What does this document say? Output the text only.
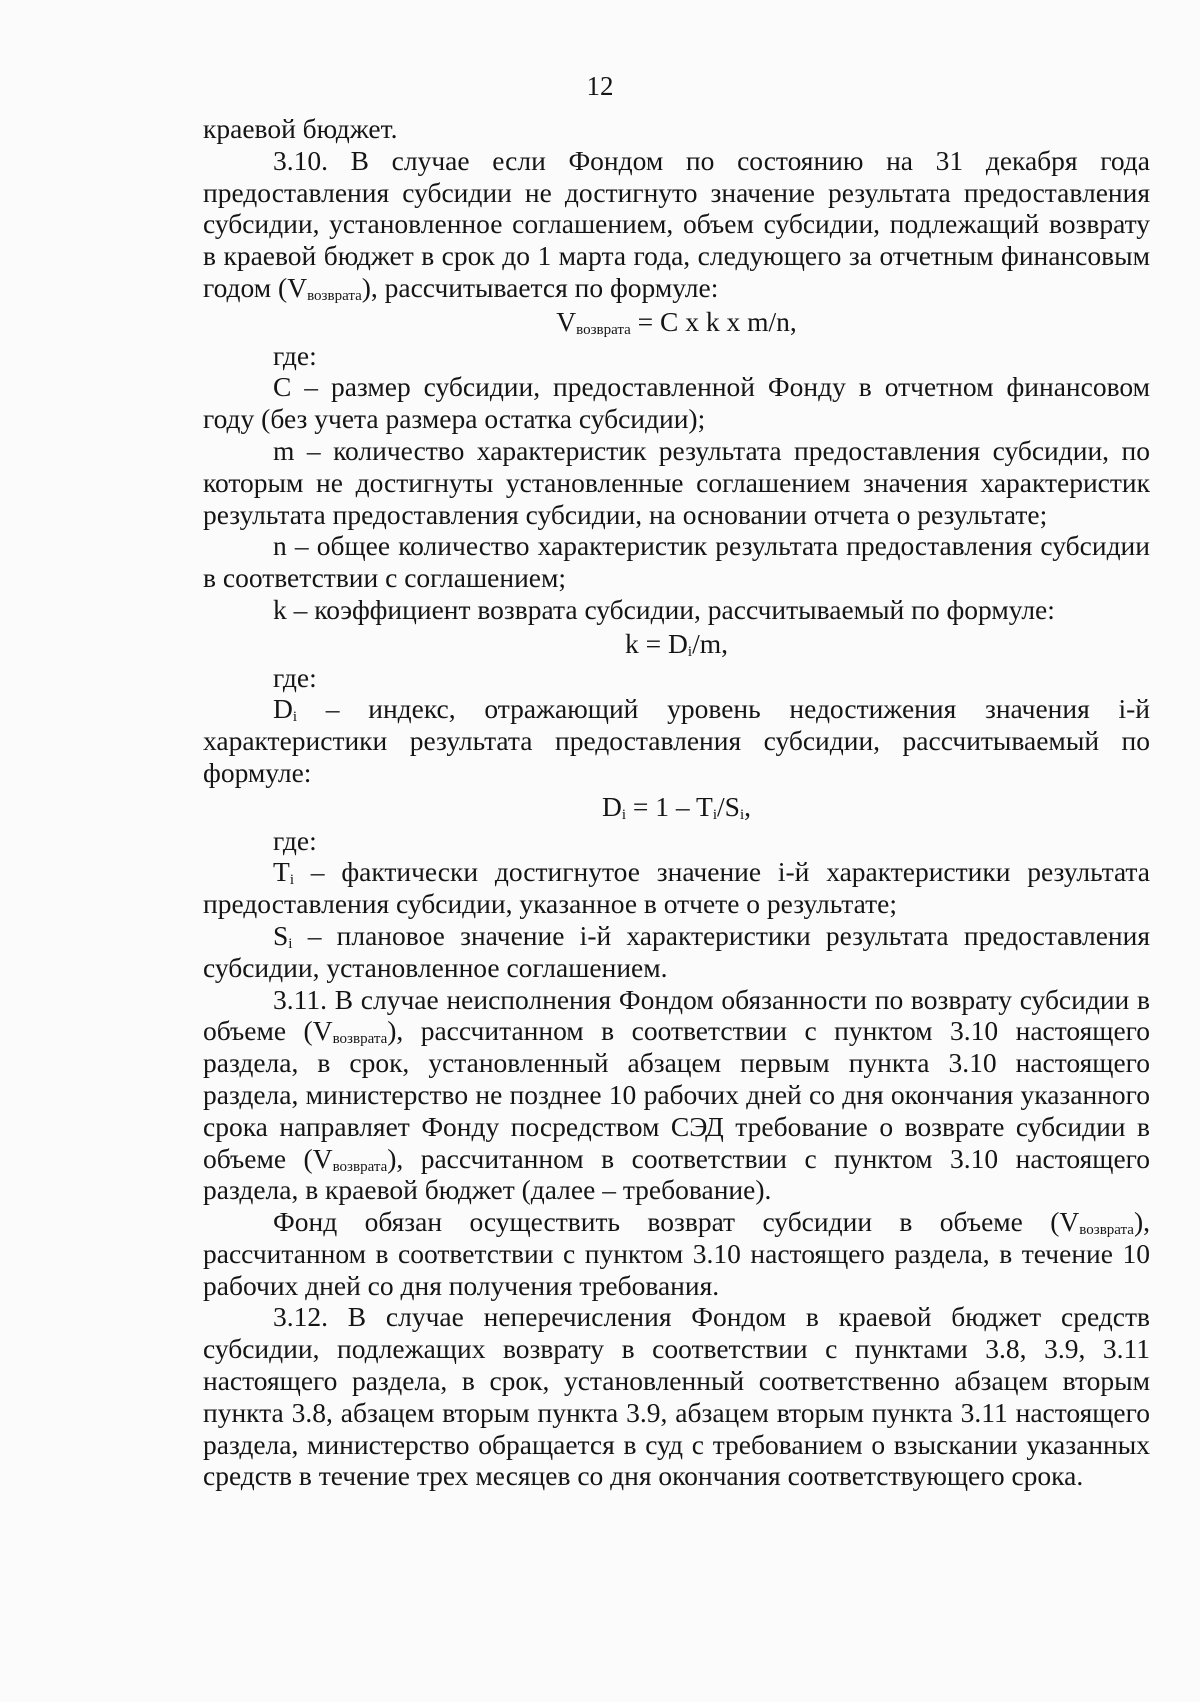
12

краевой бюджет.

3.10. В случае если Фондом по состоянию на 31 декабря года предоставления субсидии не достигнуто значение результата предоставления субсидии, установленное соглашением, объем субсидии, подлежащий возврату в краевой бюджет в срок до 1 марта года, следующего за отчетным финансовым годом $(V_{возврата})$, рассчитывается по формуле:

$V_{возврата} = C$ x k x m/n,

где:

C – размер субсидии, предоставленной Фонду в отчетном финансовом году (без учета размера остатка субсидии);

m – количество характеристик результата предоставления субсидии, по которым не достигнуты установленные соглашением значения характеристик результата предоставления субсидии, на основании отчета о результате;

n – общее количество характеристик результата предоставления субсидии в соответствии с соглашением;

k – коэффициент возврата субсидии, рассчитываемый по формуле:

$k = D_i/m$,

где:

$D_i$ – индекс, отражающий уровень недостижения значения i-й характеристики результата предоставления субсидии, рассчитываемый по формуле:

$D_i = 1 - T_i/S_i$,

где:

$T_i$ – фактически достигнутое значение i-й характеристики результата предоставления субсидии, указанное в отчете о результате;

$S_i$ – плановое значение i-й характеристики результата предоставления субсидии, установленное соглашением.

3.11. В случае неисполнения Фондом обязанности по возврату субсидии в объеме $(V_{возврата})$, рассчитанном в соответствии с пунктом 3.10 настоящего раздела, в срок, установленный абзацем первым пункта 3.10 настоящего раздела, министерство не позднее 10 рабочих дней со дня окончания указанного срока направляет Фонду посредством СЭД требование о возврате субсидии в объеме $(V_{возврата})$, рассчитанном в соответствии с пунктом 3.10 настоящего раздела, в краевой бюджет (далее – требование).

Фонд обязан осуществить возврат субсидии в объеме $(V_{возврата})$, рассчитанном в соответствии с пунктом 3.10 настоящего раздела, в течение 10 рабочих дней со дня получения требования.

3.12. В случае неперечисления Фондом в краевой бюджет средств субсидии, подлежащих возврату в соответствии с пунктами 3.8, 3.9, 3.11 настоящего раздела, в срок, установленный соответственно абзацем вторым пункта 3.8, абзацем вторым пункта 3.9, абзацем вторым пункта 3.11 настоящего раздела, министерство обращается в суд с требованием о взыскании указанных средств в течение трех месяцев со дня окончания соответствующего срока.
